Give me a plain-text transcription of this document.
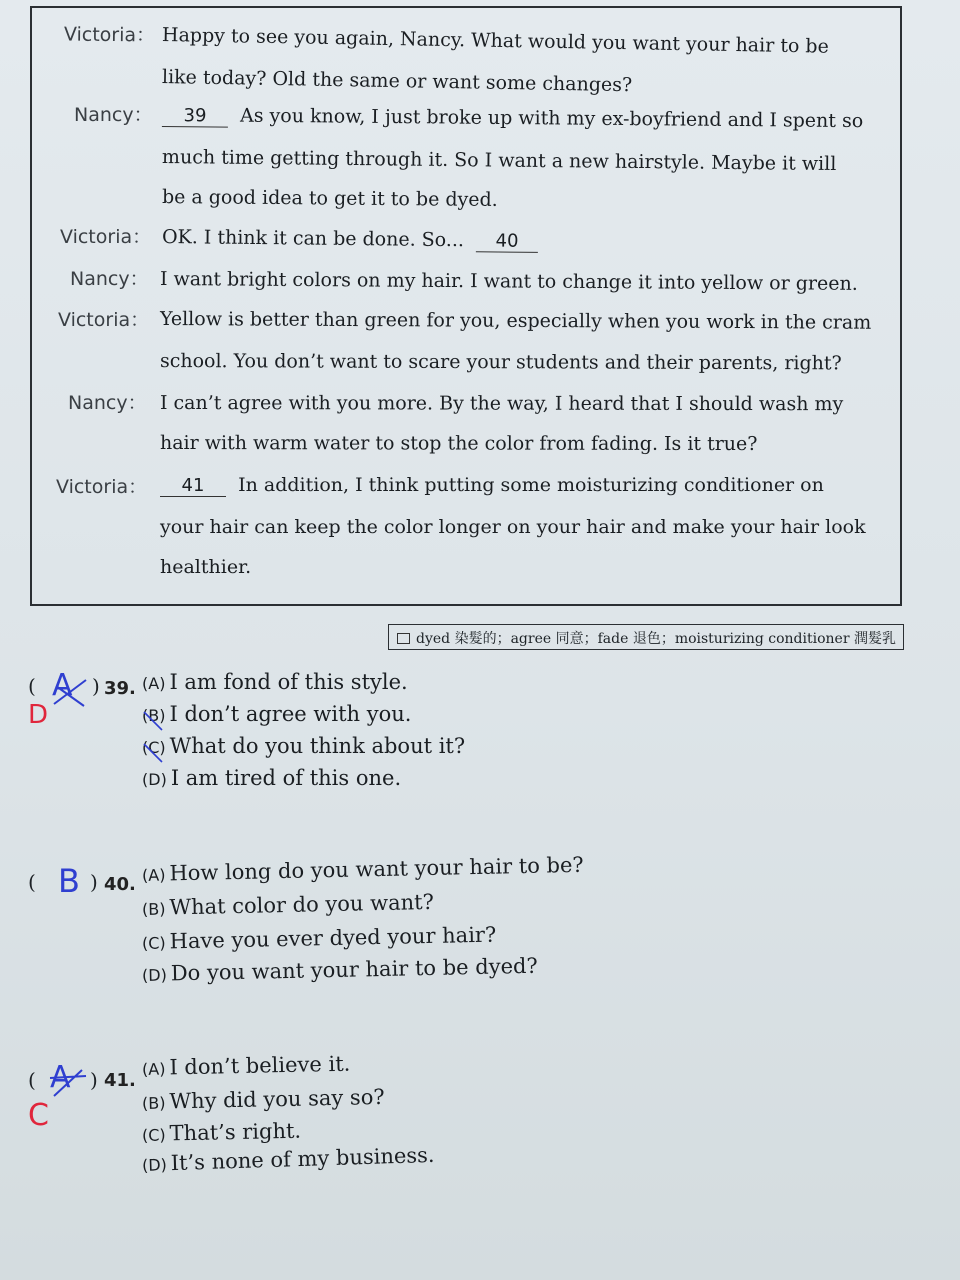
Victoria： Happy to see you again, Nancy. What would you want your hair to be
like today? Old the same or want some changes?
Nancy：	39 As you know, I just broke up with my ex-boyfriend and I spent so
much time getting through it. So I want a new hairstyle. Maybe it will
be a good idea to get it to be dyed.
Victoria： OK. I think it can be done. So... 40
Nancy： I want bright colors on my hair. I want to change it into yellow or green.
Victoria： Yellow is better than green for you, especially when you work in the cram
school. You don’t want to scare your students and their parents, right?
Nancy： I can’t agree with you more. By the way, I heard that I should wash my
hair with warm water to stop the color from fading. Is it true?
Victoria：	41 In addition, I think putting some moisturizing conditioner on
your hair can keep the color longer on your hair and make your hair look
healthier.
dyed 染髮的；agree 同意；fade 退色；moisturizing conditioner 潤髮乳
( A ) 39.
D
(A) I am fond of this style.
(B) I don’t agree with you.
(C) What do you think about it?
(D) I am tired of this one.
( B ) 40. (A) How long do you want your hair to be?
(B) What color do you want?
(C) Have you ever dyed your hair?
(D) Do you want your hair to be dyed?
( A ) 41.
C
(A) I don’t believe it.
(B) Why did you say so?
(C) That’s right.
(D) It’s none of my business.
